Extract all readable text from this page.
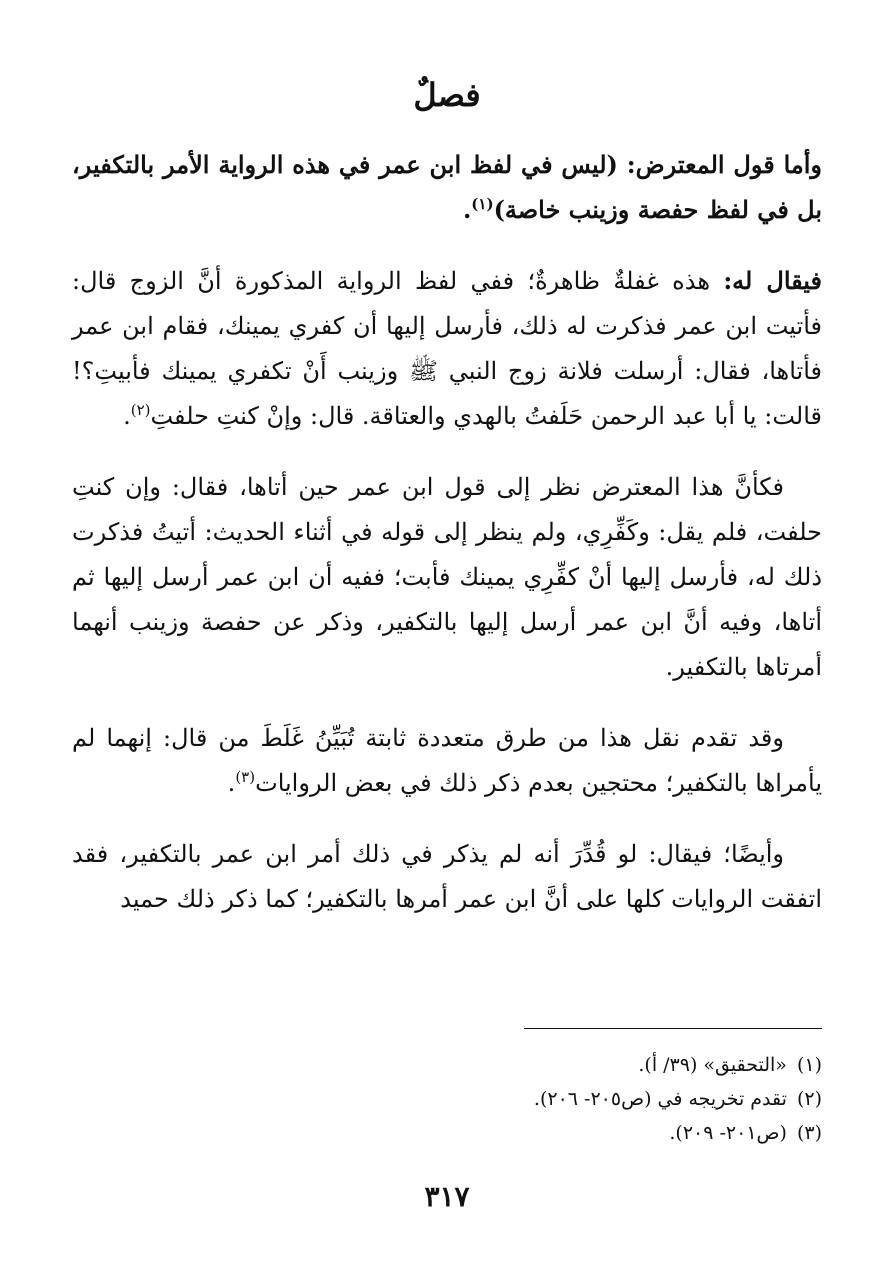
فصلٌ

وأما قول المعترض: (ليس في لفظ ابن عمر في هذه الرواية الأمر بالتكفير، بل في لفظ حفصة وزينب خاصة)$^{(١)}$.

فيقال له: هذه غفلةٌ ظاهرةٌ؛ ففي لفظ الرواية المذكورة أنَّ الزوج قال: فأتيت ابن عمر فذكرت له ذلك، فأرسل إليها أن كفري يمينك، فقام ابن عمر فأتاها، فقال: أرسلت فلانة زوج النبي ﷺ وزينب أَنْ تكفري يمينك فأبيتِ؟! قالت: يا أبا عبد الرحمن حَلَفتُ بالهدي والعتاقة. قال: وإنْ كنتِ حلفتِ$^{(٢)}$.

فكأنَّ هذا المعترض نظر إلى قول ابن عمر حين أتاها، فقال: وإن كنتِ حلفت، فلم يقل: وكَفِّرِي، ولم ينظر إلى قوله في أثناء الحديث: أتيتُ فذكرت ذلك له، فأرسل إليها أنْ كفِّرِي يمينك فأبت؛ ففيه أن ابن عمر أرسل إليها ثم أتاها، وفيه أنَّ ابن عمر أرسل إليها بالتكفير، وذكر عن حفصة وزينب أنهما أمرتاها بالتكفير.

وقد تقدم نقل هذا من طرق متعددة ثابتة تُبَيِّنُ غَلَطَ من قال: إنهما لم يأمراها بالتكفير؛ محتجين بعدم ذكر ذلك في بعض الروايات$^{(٣)}$.

وأيضًا؛ فيقال: لو قُدِّرَ أنه لم يذكر في ذلك أمر ابن عمر بالتكفير، فقد اتفقت الروايات كلها على أنَّ ابن عمر أمرها بالتكفير؛ كما ذكر ذلك حميد

(١)«التحقيق» (٣٩/ أ).

(٢)تقدم تخريجه في (ص٢٠٥- ٢٠٦).

(٣)(ص٢٠١- ٢٠٩).

٣١٧
